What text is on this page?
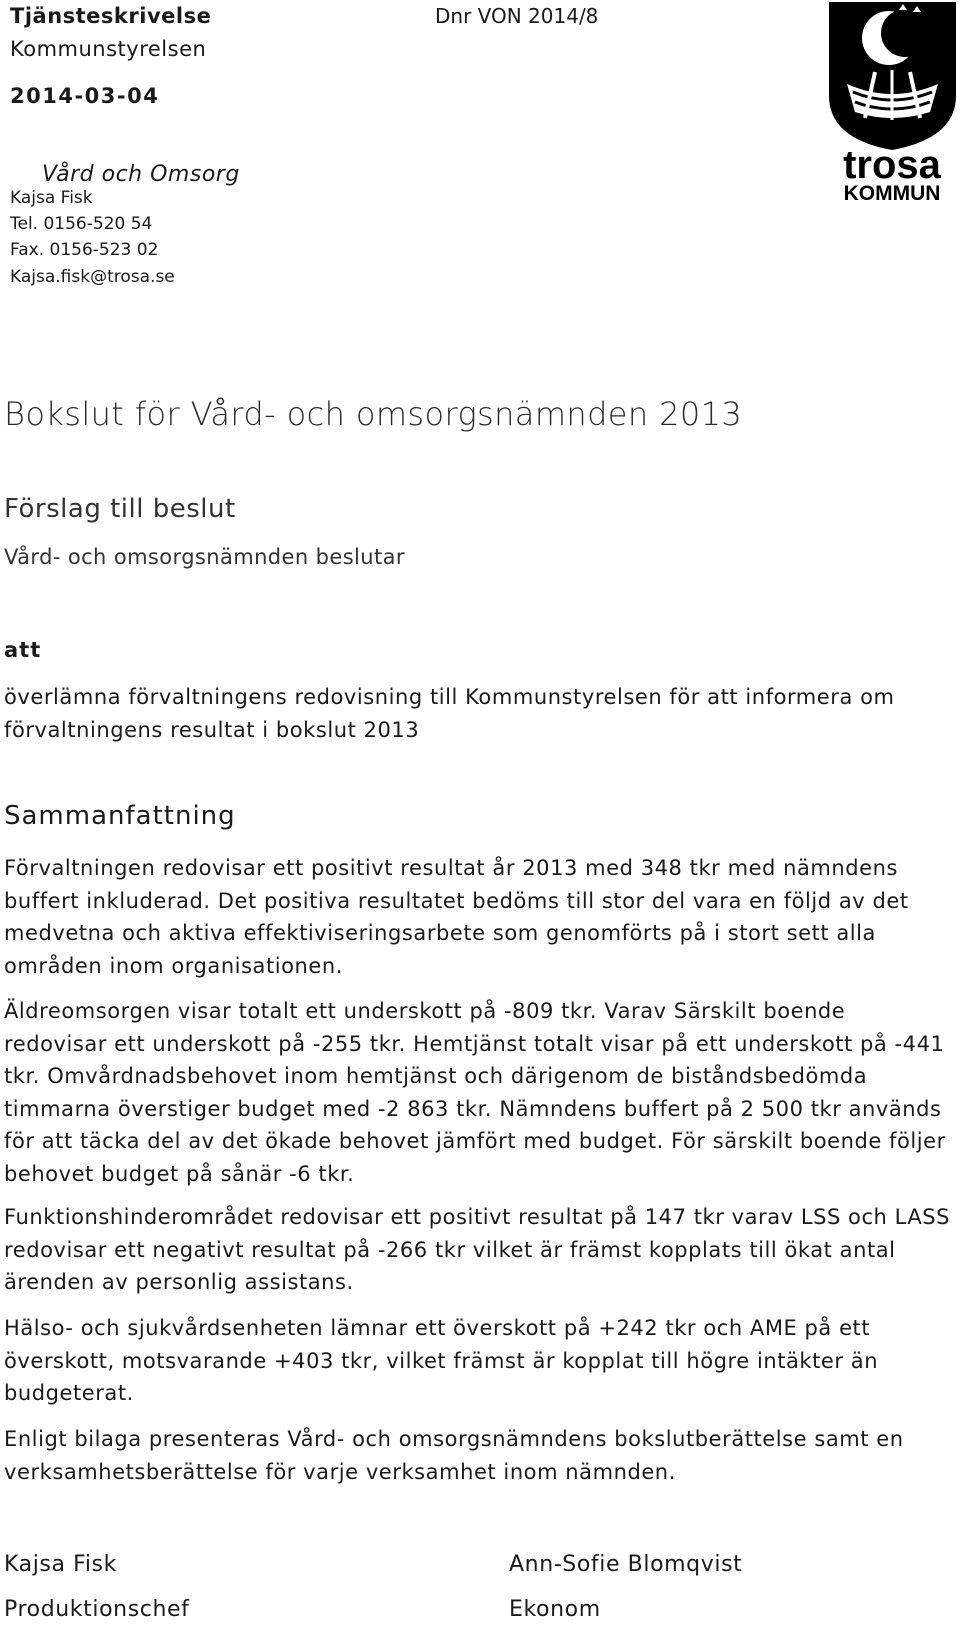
Tjänsteskrivelse
Kommunstyrelsen
2014-03-04
Dnr VON 2014/8
Vård och Omsorg
Kajsa Fisk
Tel. 0156-520 54
Fax. 0156-523 02
Kajsa.fisk@trosa.se
trosa
KOMMUN
Bokslut för Vård- och omsorgsnämnden 2013
Förslag till beslut
Vård- och omsorgsnämnden beslutar
att
överlämna förvaltningens redovisning till Kommunstyrelsen för att informera om förvaltningens resultat i bokslut 2013
Sammanfattning
Förvaltningen redovisar ett positivt resultat år 2013 med 348 tkr med nämndens buffert inkluderad. Det positiva resultatet bedöms till stor del vara en följd av det medvetna och aktiva effektiviseringsarbete som genomförts på i stort sett alla områden inom organisationen.
Äldreomsorgen visar totalt ett underskott på -809 tkr. Varav Särskilt boende redovisar ett underskott på -255 tkr. Hemtjänst totalt visar på ett underskott på -441 tkr. Omvårdnadsbehovet inom hemtjänst och därigenom de biståndsbedömda timmarna överstiger budget med -2 863 tkr. Nämndens buffert på 2 500 tkr används för att täcka del av det ökade behovet jämfört med budget. För särskilt boende följer behovet budget på sånär -6 tkr.
Funktionshinderområdet redovisar ett positivt resultat på 147 tkr varav LSS och LASS redovisar ett negativt resultat på -266 tkr vilket är främst kopplats till ökat antal ärenden av personlig assistans.
Hälso- och sjukvårdsenheten lämnar ett överskott på +242 tkr och AME på ett överskott, motsvarande +403 tkr, vilket främst är kopplat till högre intäkter än budgeterat.
Enligt bilaga presenteras Vård- och omsorgsnämndens bokslutberättelse samt en verksamhetsberättelse för varje verksamhet inom nämnden.
Kajsa Fisk
Produktionschef
Ann-Sofie Blomqvist
Ekonom
